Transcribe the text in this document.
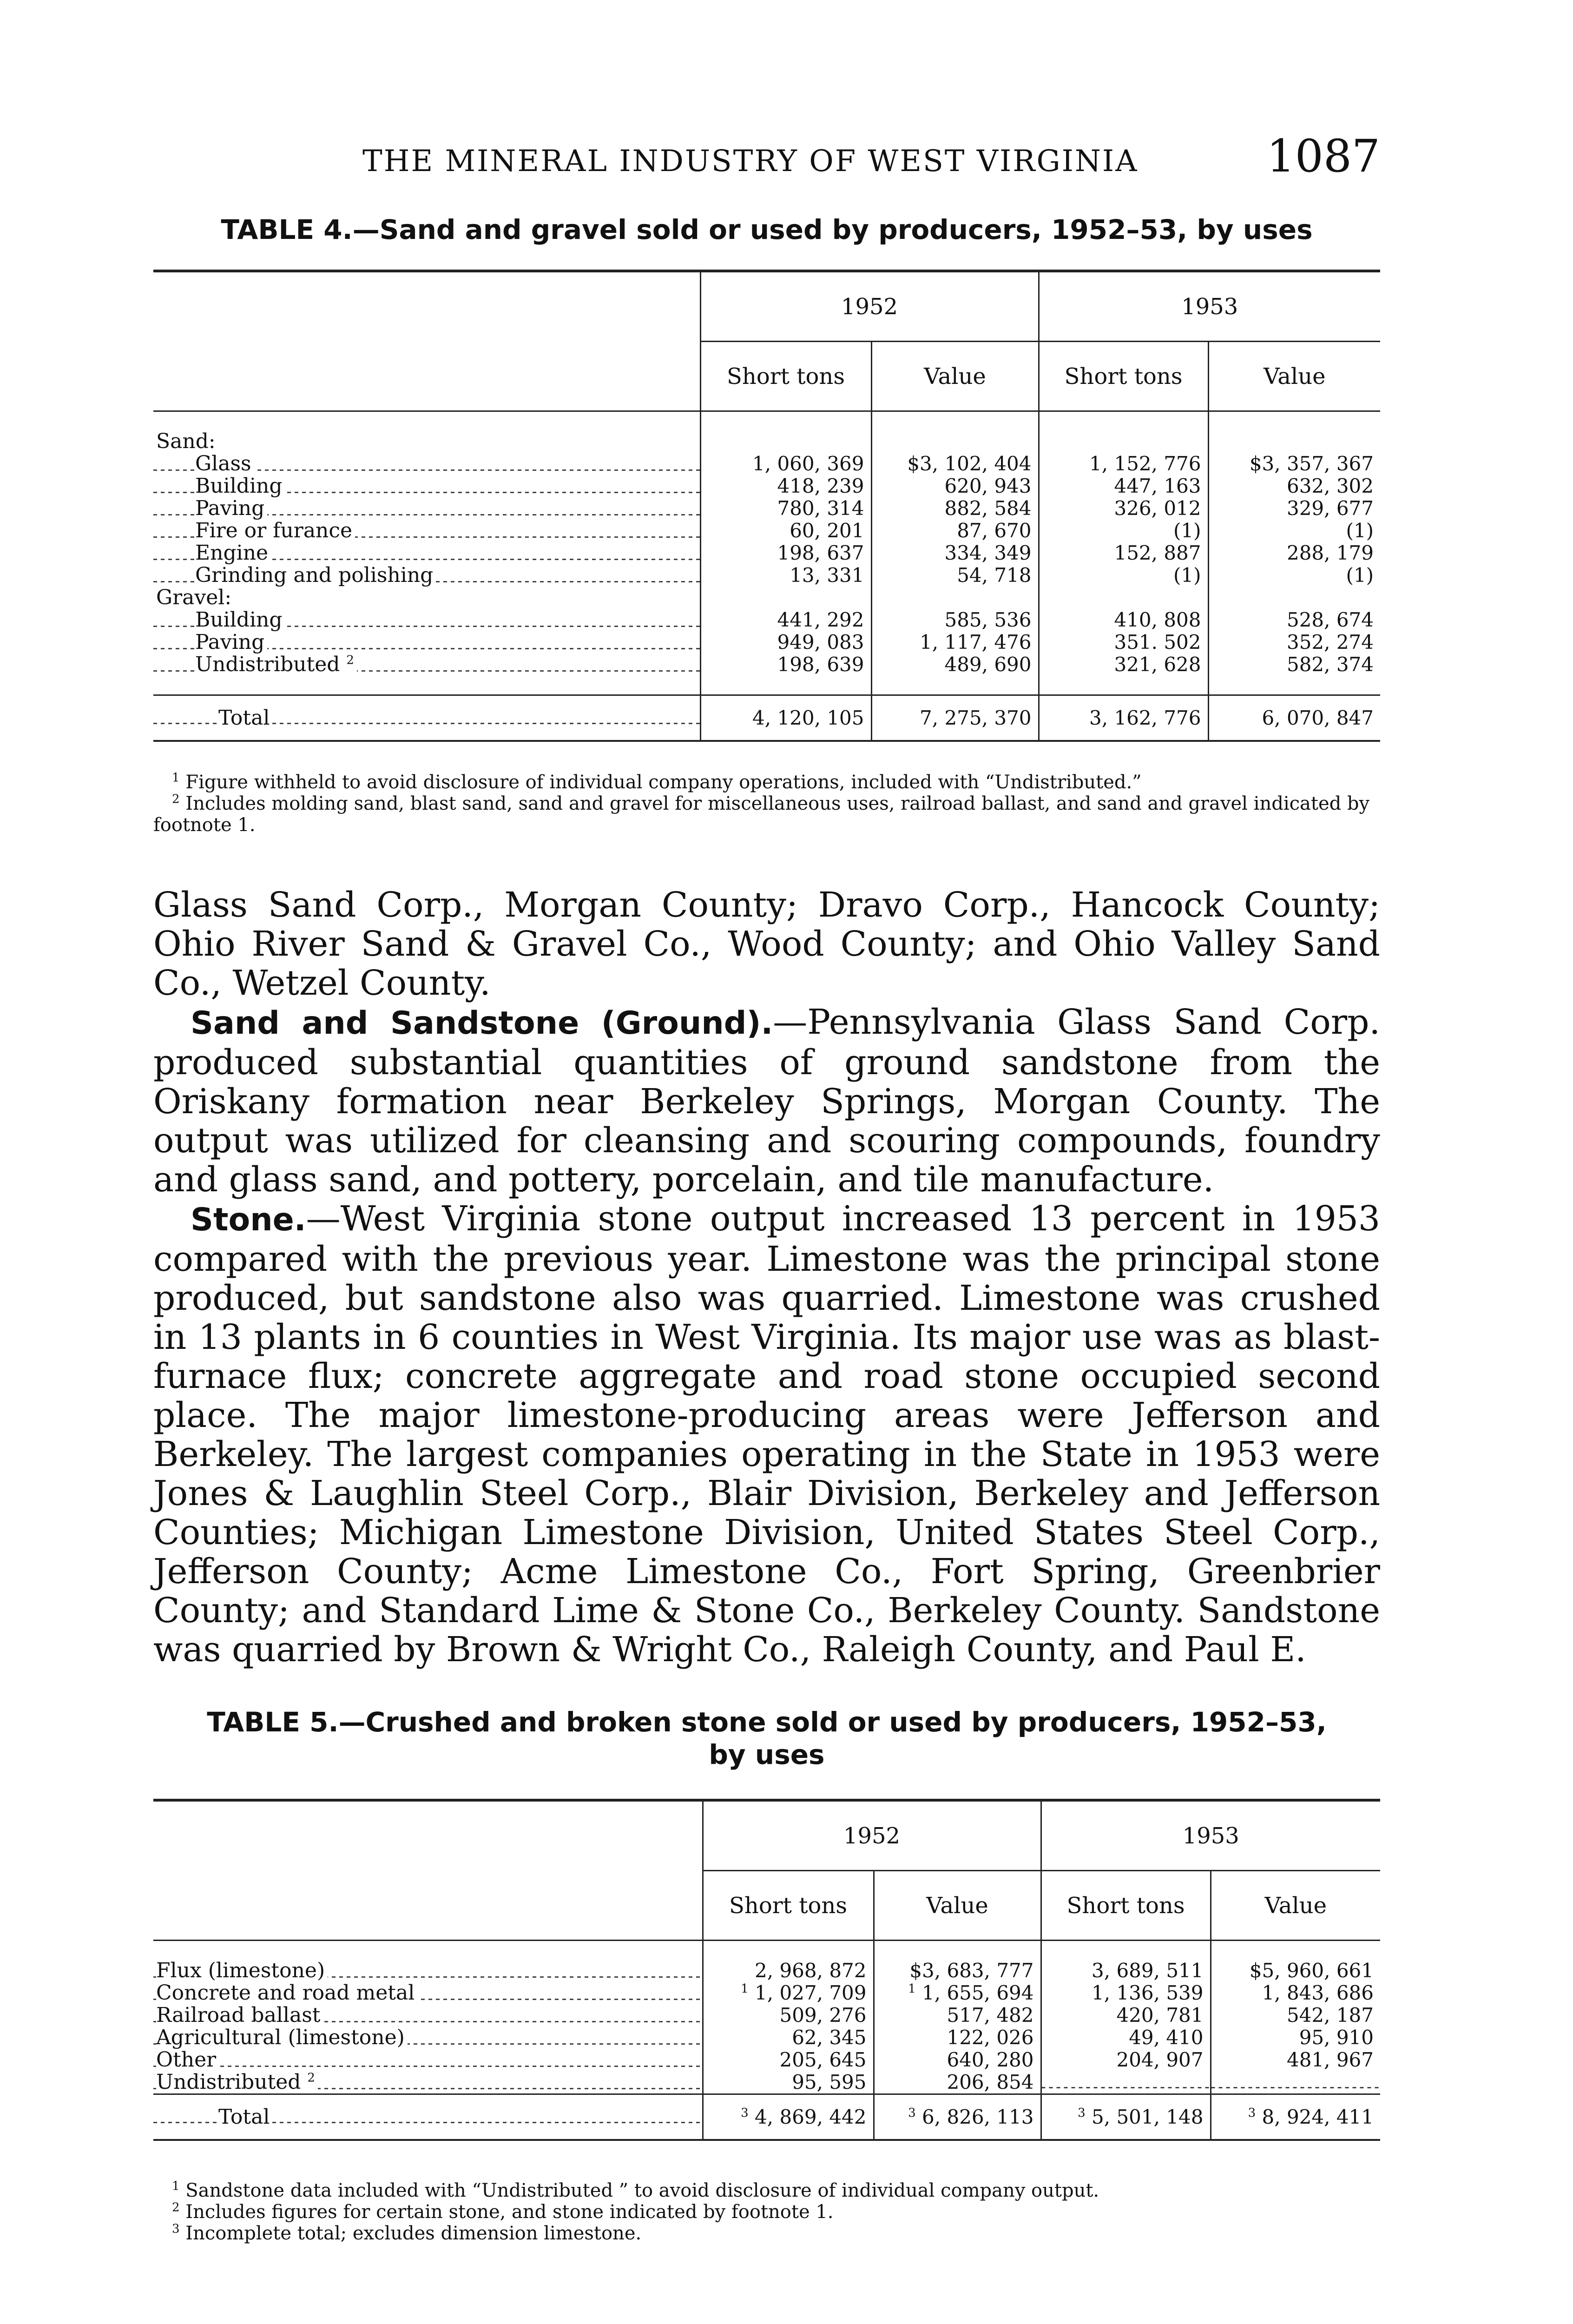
THE MINERAL INDUSTRY OF WEST VIRGINIA	1087
TABLE 4.—Sand and gravel sold or used by producers, 1952–53, by uses
	1952		1953	
	Short tons	Value	Short tons	Value

Sand:				
Glass	1, 060, 369	$3, 102, 404	1, 152, 776	$3, 357, 367
Building	418, 239	620, 943	447, 163	632, 302
Paving	780, 314	882, 584	326, 012	329, 677
Fire or furance	60, 201	87, 670	(1)	(1)
Engine	198, 637	334, 349	152, 887	288, 179
Grinding and polishing	13, 331	54, 718	(1)	(1)
Gravel:				
Building	441, 292	585, 536	410, 808	528, 674
Paving	949, 083	1, 117, 476	351. 502	352, 274
Undistributed $^2$	198, 639	489, 690	321, 628	582, 374

Total	4, 120, 105	7, 275, 370	3, 162, 776	6, 070, 847

$^1$ Figure withheld to avoid disclosure of individual company operations, included with “Undistributed.”

$^2$ Includes molding sand, blast sand, sand and gravel for miscellaneous uses, railroad ballast, and sand and gravel indicated by footnote 1.

Glass Sand Corp., Morgan County; Dravo Corp., Hancock County; Ohio River Sand & Gravel Co., Wood County; and Ohio Valley Sand Co., Wetzel County.

Sand and Sandstone (Ground).—Pennsylvania Glass Sand Corp. produced substantial quantities of ground sandstone from the Oriskany formation near Berkeley Springs, Morgan County. The output was utilized for cleansing and scouring compounds, foundry and glass sand, and pottery, porcelain, and tile manufacture.

Stone.—West Virginia stone output increased 13 percent in 1953 compared with the previous year. Limestone was the principal stone produced, but sandstone also was quarried. Limestone was crushed in 13 plants in 6 counties in West Virginia. Its major use was as blast-furnace flux; concrete aggregate and road stone occupied second place. The major limestone-producing areas were Jefferson and Berkeley. The largest companies operating in the State in 1953 were Jones & Laughlin Steel Corp., Blair Division, Berkeley and Jefferson Counties; Michigan Limestone Division, United States Steel Corp., Jefferson County; Acme Limestone Co., Fort Spring, Greenbrier County; and Standard Lime & Stone Co., Berkeley County. Sandstone was quarried by Brown & Wright Co., Raleigh County, and Paul E.

TABLE 5.—Crushed and broken stone sold or used by producers, 1952–53,
by uses
	1952		1953	
	Short tons	Value	Short tons	Value

Flux (limestone)	2, 968, 872	$3, 683, 777	3, 689, 511	$5, 960, 661
Concrete and road metal	$^1$ 1, 027, 709	$^1$ 1, 655, 694	1, 136, 539	1, 843, 686
Railroad ballast	509, 276	517, 482	420, 781	542, 187
Agricultural (limestone)	62, 345	122, 026	49, 410	95, 910
Other	205, 645	640, 280	204, 907	481, 967
Undistributed $^2$	95, 595	206, 854		
Total	$^3$ 4, 869, 442	$^3$ 6, 826, 113	$^3$ 5, 501, 148	$^3$ 8, 924, 411

$^1$ Sandstone data included with “Undistributed ” to avoid disclosure of individual company output.

$^2$ Includes figures for certain stone, and stone indicated by footnote 1.

$^3$ Incomplete total; excludes dimension limestone.
